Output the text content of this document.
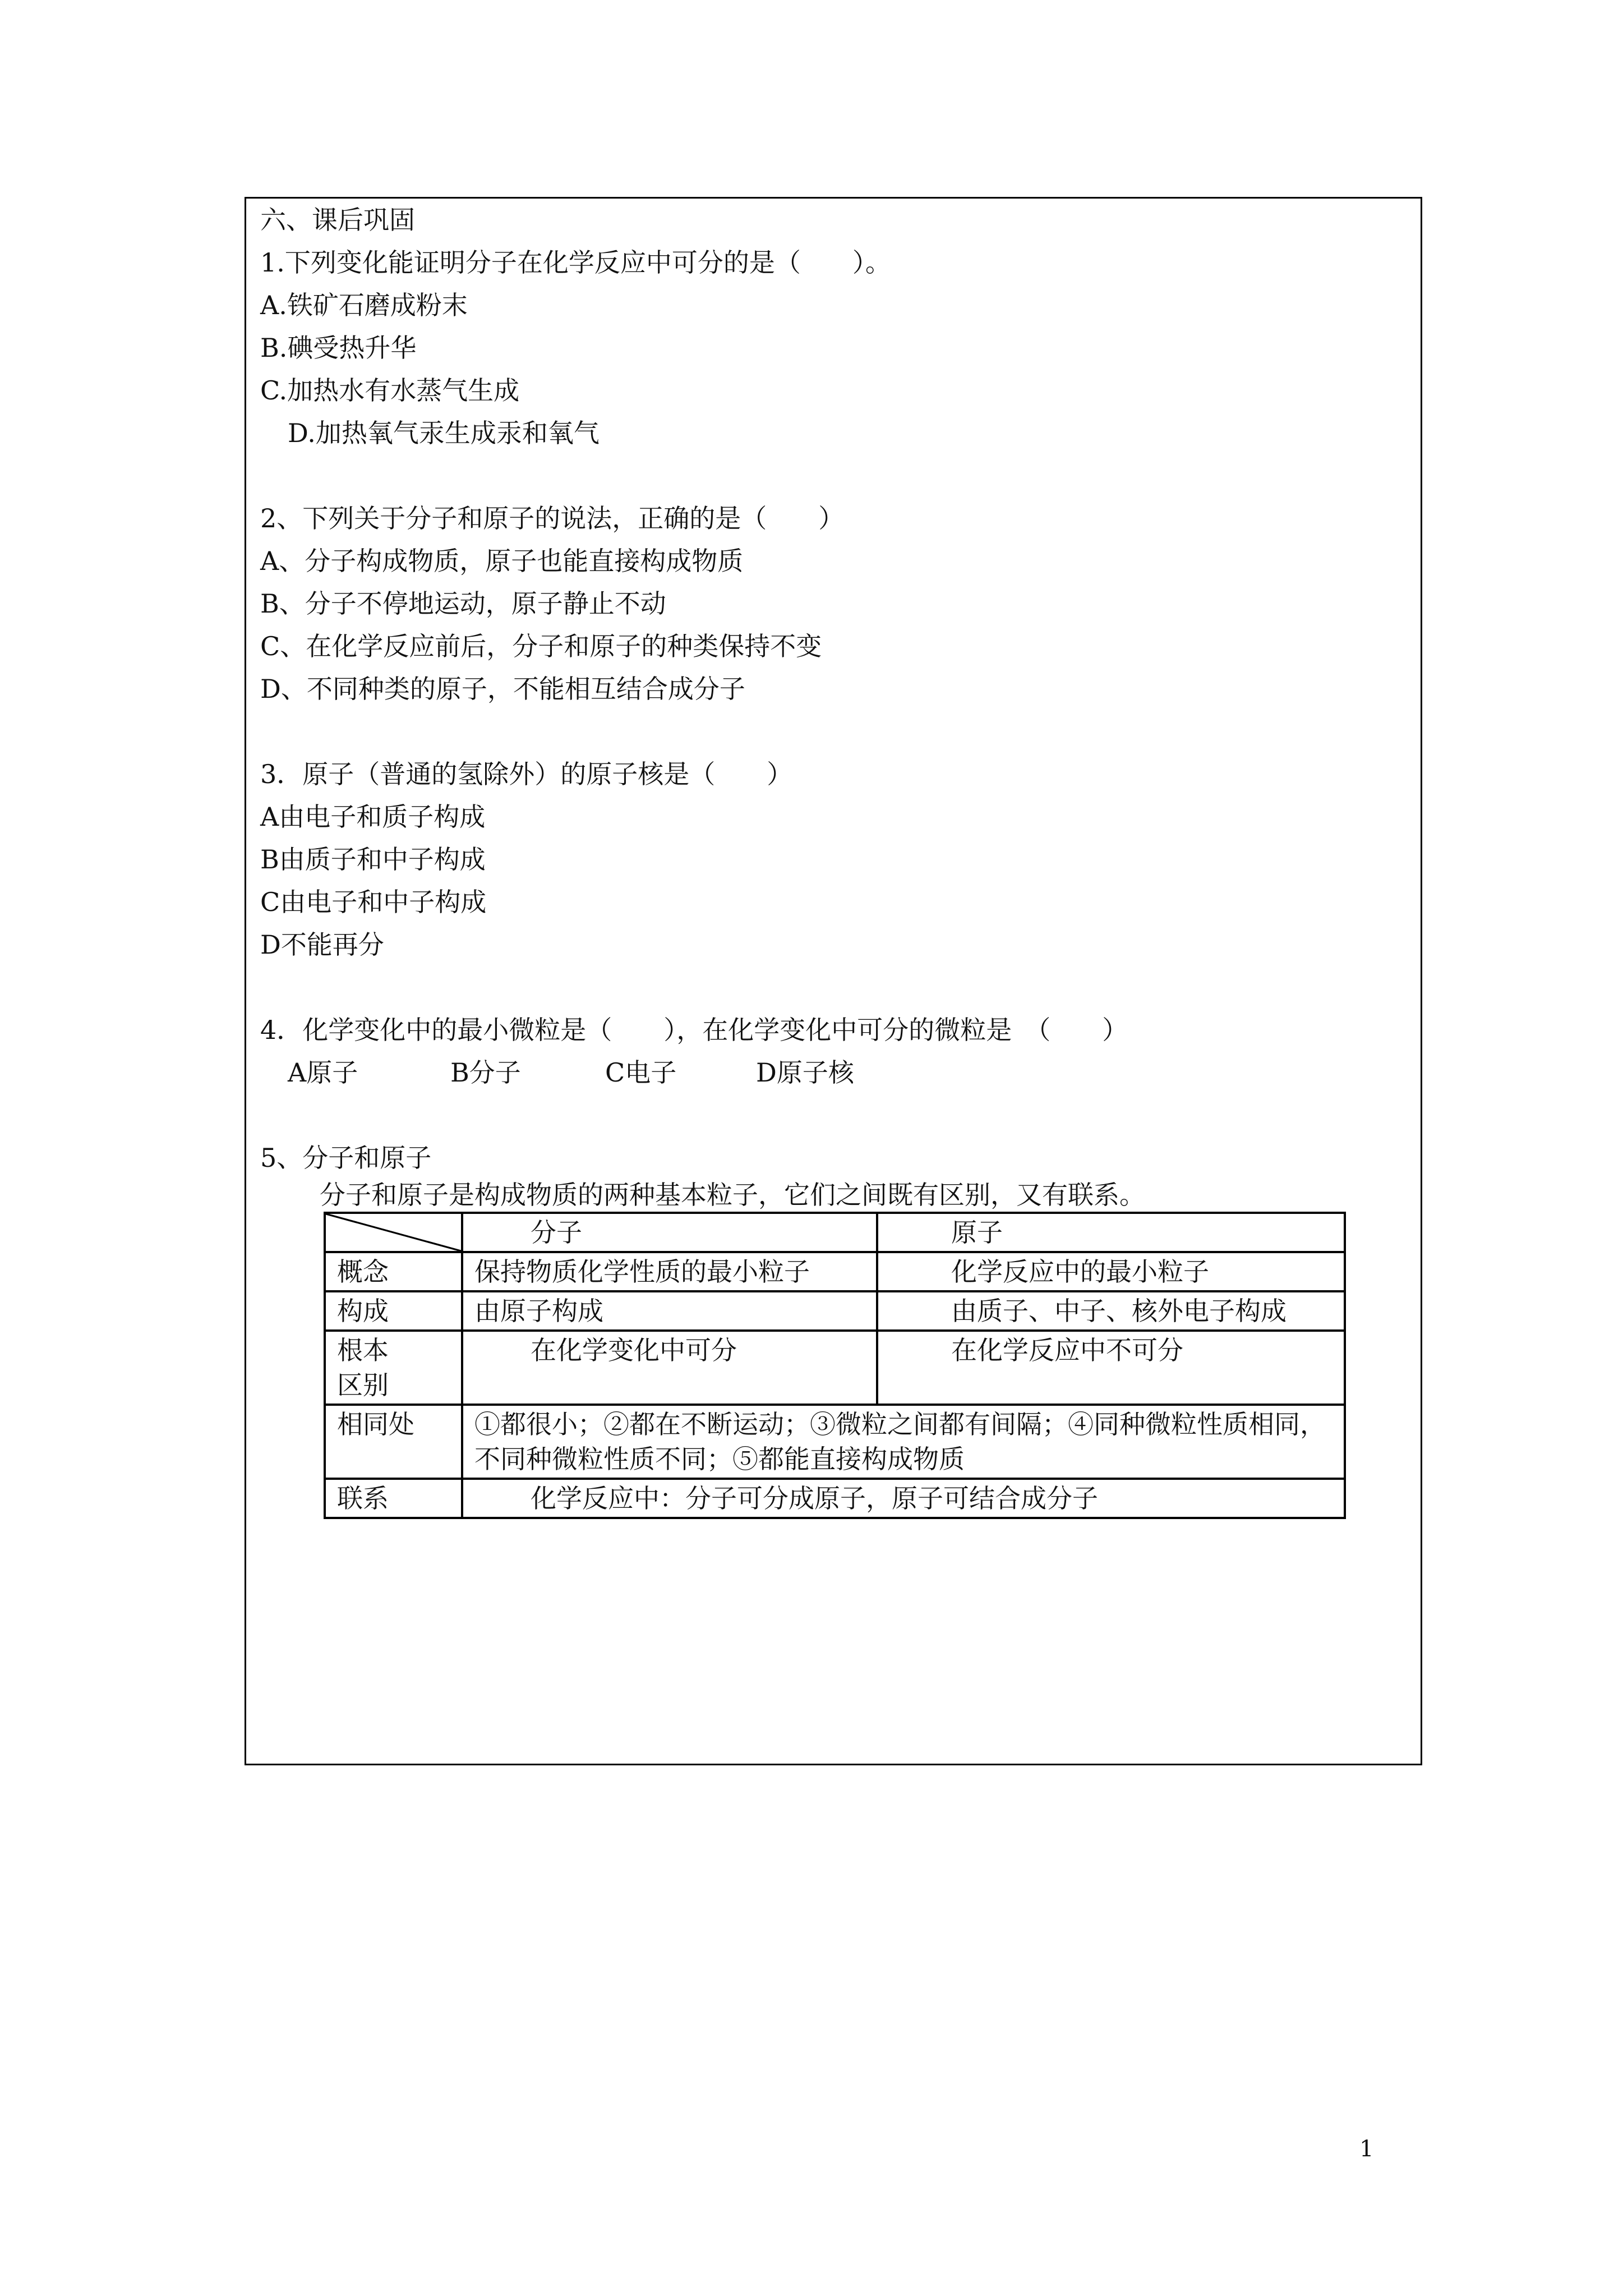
六、课后巩固
1.下列变化能证明分子在化学反应中可分的是（　　）。
A.铁矿石磨成粉末
B.碘受热升华
C.加热水有水蒸气生成
D.加热氧气汞生成汞和氧气
2、下列关于分子和原子的说法，正确的是（　　）
A、分子构成物质，原子也能直接构成物质
B、分子不停地运动，原子静止不动
C、在化学反应前后，分子和原子的种类保持不变
D、不同种类的原子，不能相互结合成分子
3．原子（普通的氢除外）的原子核是（　　）
A由电子和质子构成
B由质子和中子构成
C由电子和中子构成
D不能再分
4．化学变化中的最小微粒是（　　），在化学变化中可分的微粒是　（　　）
A原子	B分子	C电子	D原子核
5、分子和原子
分子和原子是构成物质的两种基本粒子，它们之间既有区别，又有联系。
	分子	原子
概念	保持物质化学性质的最小粒子	化学反应中的最小粒子
构成	由原子构成	由质子、中子、核外电子构成

根本
区别	在化学变化中可分	在化学反应中不可分
相同处	①都很小；②都在不断运动；③微粒之间都有间隔；④同种微粒性质相同，不同种微粒性质不同；⑤都能直接构成物质	
联系	化学反应中：分子可分成原子，原子可结合成分子	
1
